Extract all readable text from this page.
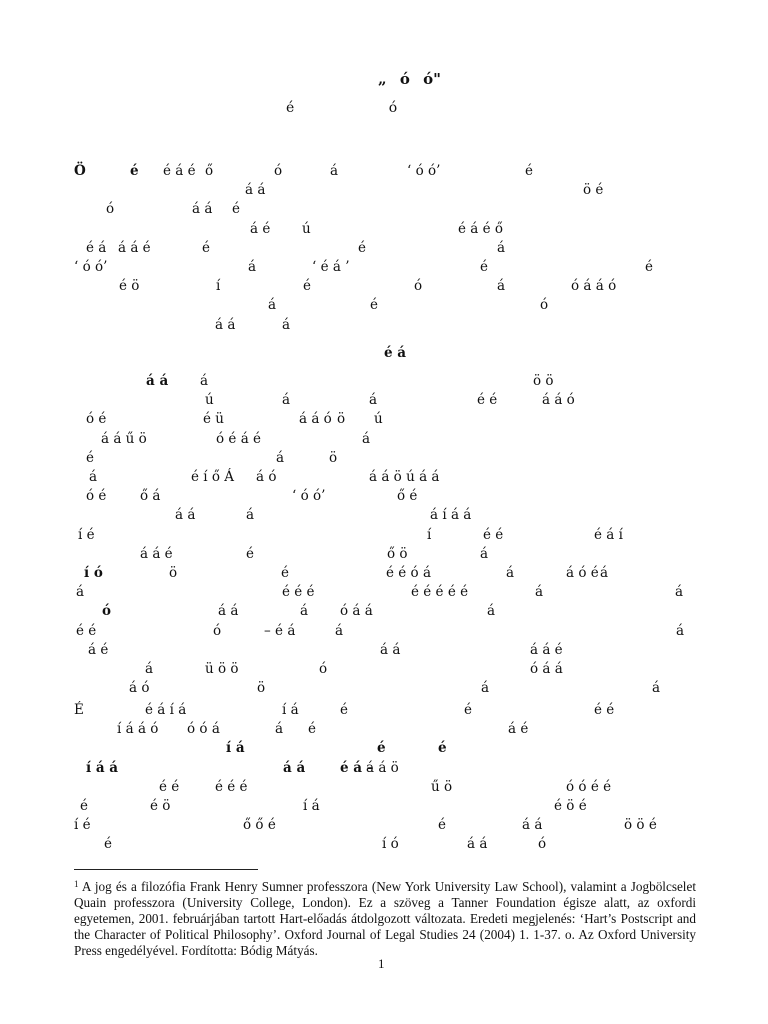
„ ó ó"
é ó
Ö	é é á é ő	ó	á	‘ ó ó’	é
á á	ö é
ó	á á é
á é ú	é á é ő
é á á á é	é	é	á
‘ ó ó’	á	‘ é á ’	é	é
é ö	í	é	ó	á	ó á á ó
á	é	ó
á á	á
é á
á á á	ö ö
ú	á	á	é é	á á ó
ó é	é ü	á á ó ö ú
á á ű ö	ó é á é	á
é	á	ö
á	é í ő Á á ó	á á ö ú á á
ó é ő á	‘ ó ó’	ő é
á á	á	á í á á
í é	í	é é	é á í
á á é	é	ő ö	á
í ó	ö	é	é é ó á	á	á ó é á
á	é é é	é é é é é	á	á
ó	á á	á ó á á	á
é é	ó	– é á	á	á
á é	á á	á á é
á	ü ö ö	ó	ó á á
á ó	ö	á	á
É	é á í á	í á	é	é	é é
í á á ó ó ó á	á é	á é
í á	é	é
í á á	á á	é á –
á á ö
é é	é é é	ű ö	ó ó é é
é	é ö	í á	é ö é
í é	ő ő é	é	á á	ö ö é
é	í ó	á á	ó
$^1$ A jog és a filozófia Frank Henry Sumner professzora (New York University Law School), valamint a Jogbölcselet Quain professzora (University College, London). Ez a szöveg a Tanner Foundation égisze alatt, az oxfordi egyetemen, 2001. februárjában tartott Hart-előadás átdolgozott változata. Eredeti megjelenés: ‘Hart’s Postscript and the Character of Political Philosophy’. Oxford Journal of Legal Studies 24 (2004) 1. 1-37. o. Az Oxford University Press engedélyével. Fordította: Bódig Mátyás.
1
